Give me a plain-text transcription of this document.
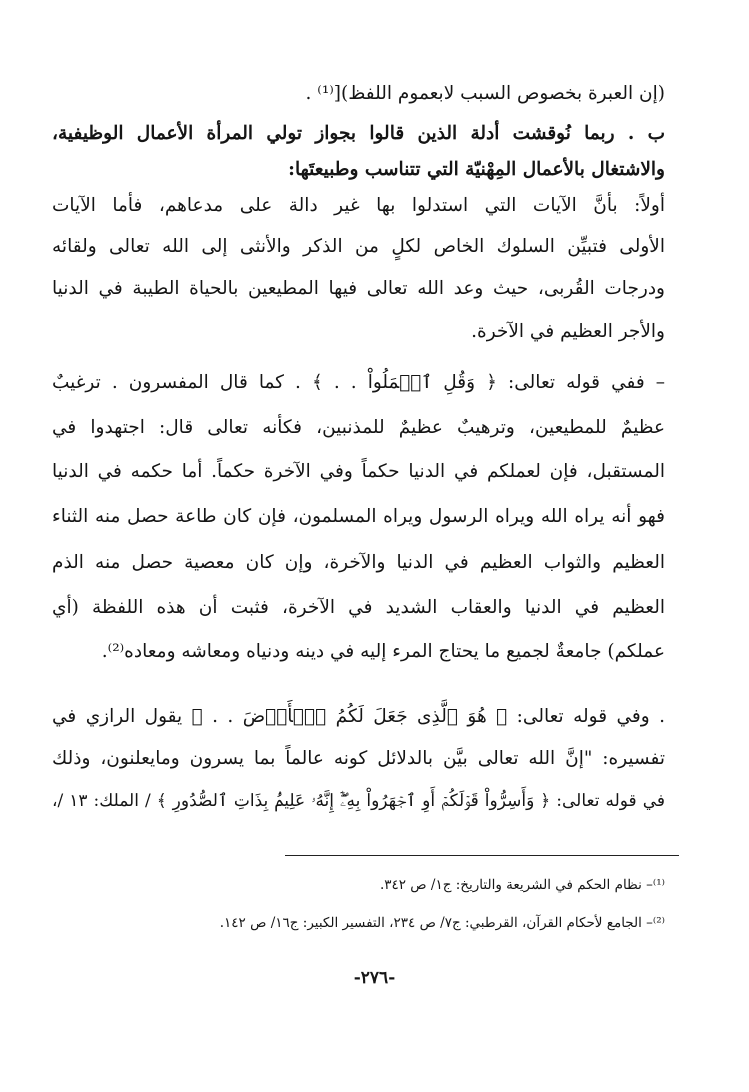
(إن العبرة بخصوص السبب لابعموم اللفظ)[⁽¹⁾ .
ب . ربما نُوقشت أدلة الذين قالوا بجواز تولي المرأة الأعمال الوظيفية،
والاشتغال بالأعمال المِهْنيّة التي تتناسب وطبيعتَها:
أولاً: بأنَّ الآيات التي استدلوا بها غير دالة على مدعاهم، فأما الآيات
الأولى فتبيِّن السلوك الخاص لكلٍ من الذكر والأنثى إلى الله تعالى ولقائه
ودرجات القُربى، حيث وعد الله تعالى فيها المطيعين بالحياة الطيبة في الدنيا
والأجر العظيم في الآخرة.
– ففي قوله تعالى: ﴿ وَقُلِ ٱعۡمَلُواْ . . ﴾ . كما قال المفسرون . ترغيبٌ
عظيمٌ للمطيعين، وترهيبٌ عظيمٌ للمذنبين، فكأنه تعالى قال: اجتهدوا في
المستقبل، فإن لعملكم في الدنيا حكماً وفي الآخرة حكماً. أما حكمه في الدنيا
فهو أنه يراه الله ويراه الرسول ويراه المسلمون، فإن كان طاعة حصل منه الثناء
العظيم والثواب العظيم في الدنيا والآخرة، وإن كان معصية حصل منه الذم
العظيم في الدنيا والعقاب الشديد في الآخرة، فثبت أن هذه اللفظة (أي
عملكم) جامعةٌ لجميع ما يحتاج المرء إليه في دينه ودنياه ومعاشه ومعاده⁽²⁾.
. وفي قوله تعالى: ﴿ هُوَ ٱلَّذِى جَعَلَ لَكُمُ ٱلۡأَرۡضَ . . ﴾ يقول الرازي في
تفسيره: "إنَّ الله تعالى بيَّن بالدلائل كونه عالماً بما يسرون ومايعلنون، وذلك
في قوله تعالى: ﴿ وَأَسِرُّواْ قَوۡلَكُمۡ أَوِ ٱجۡهَرُواْ بِهِۦٓۖ إِنَّهُۥ عَلِيمُۢ بِذَاتِ ٱلصُّدُورِ ﴾ / الملك: ١٣ /،
⁽¹⁾– نظام الحكم في الشريعة والتاريخ: ج١/ ص ٣٤٢.
⁽²⁾– الجامع لأحكام القرآن، القرطبي: ج٧/ ص ٢٣٤، التفسير الكبير: ج١٦/ ص ١٤٢.
-٢٧٦-
